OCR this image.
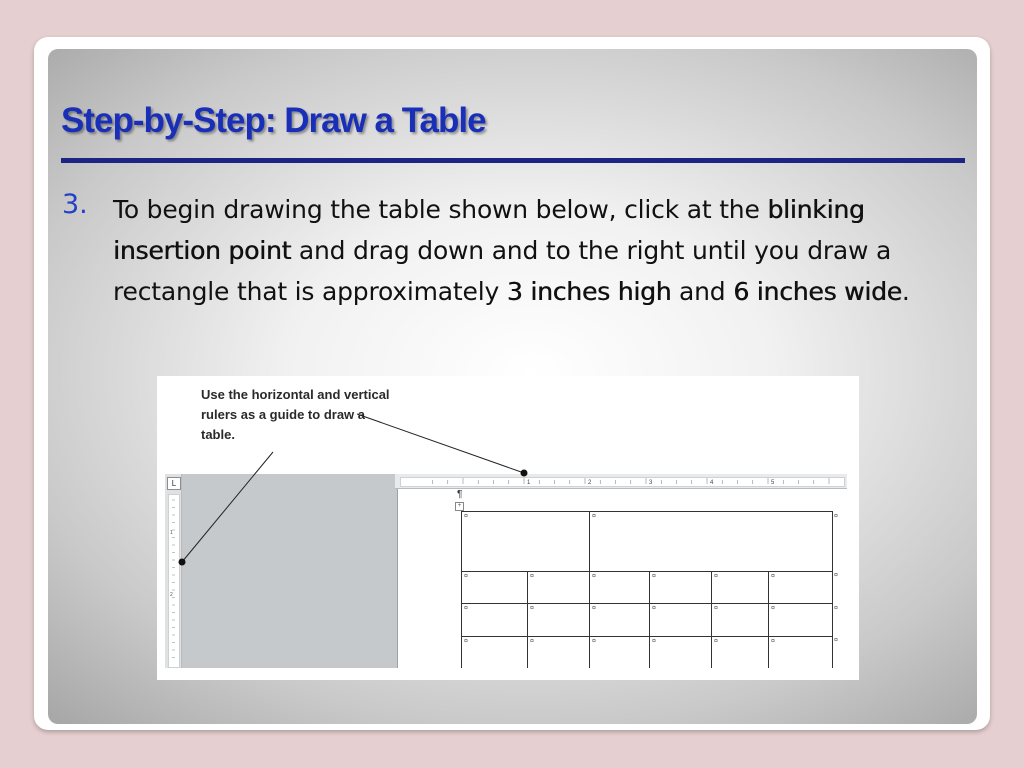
Step-by-Step: Draw a Table
3. To begin drawing the table shown below, click at the blinking insertion point and drag down and to the right until you draw a rectangle that is approximately 3 inches high and 6 inches wide.

Use the horizontal and vertical rulers as a guide to draw a table.

L
¶
+
¤		¤				¤
¤	¤	¤	¤	¤	¤	¤
¤	¤	¤	¤	¤	¤	¤
¤	¤	¤	¤	¤	¤	¤
1	2	3	4	5
1
2
